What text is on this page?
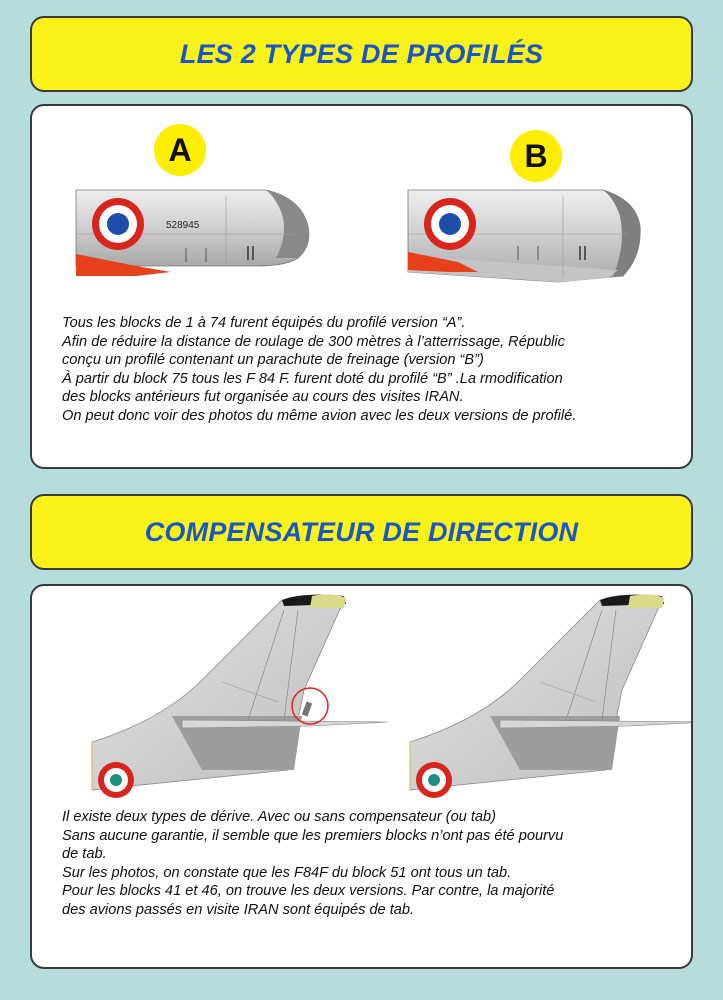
LES 2 TYPES DE PROFILÉS
A	B
528945
Tous les blocks de 1 à 74 furent équipés du profilé version “A”.
Afin de réduire la distance de roulage de 300 mètres à l’atterrissage, Républic
conçu un profilé contenant un parachute de freinage (version “B”)
À partir du block 75 tous les F 84 F. furent doté du profilé “B” .La rmodification
des blocks antérieurs fut organisée au cours des visites IRAN.
On peut donc voir des photos du même avion avec les deux versions de profilé.
COMPENSATEUR DE DIRECTION
Il existe deux types de dérive. Avec ou sans compensateur (ou tab)
Sans aucune garantie, il semble que les premiers blocks n’ont pas été pourvu
de tab.
Sur les photos, on constate que les F84F du block 51 ont tous un tab.
Pour les blocks 41 et 46, on trouve les deux versions. Par contre, la majorité
des avions passés en visite IRAN sont équipés de tab.
